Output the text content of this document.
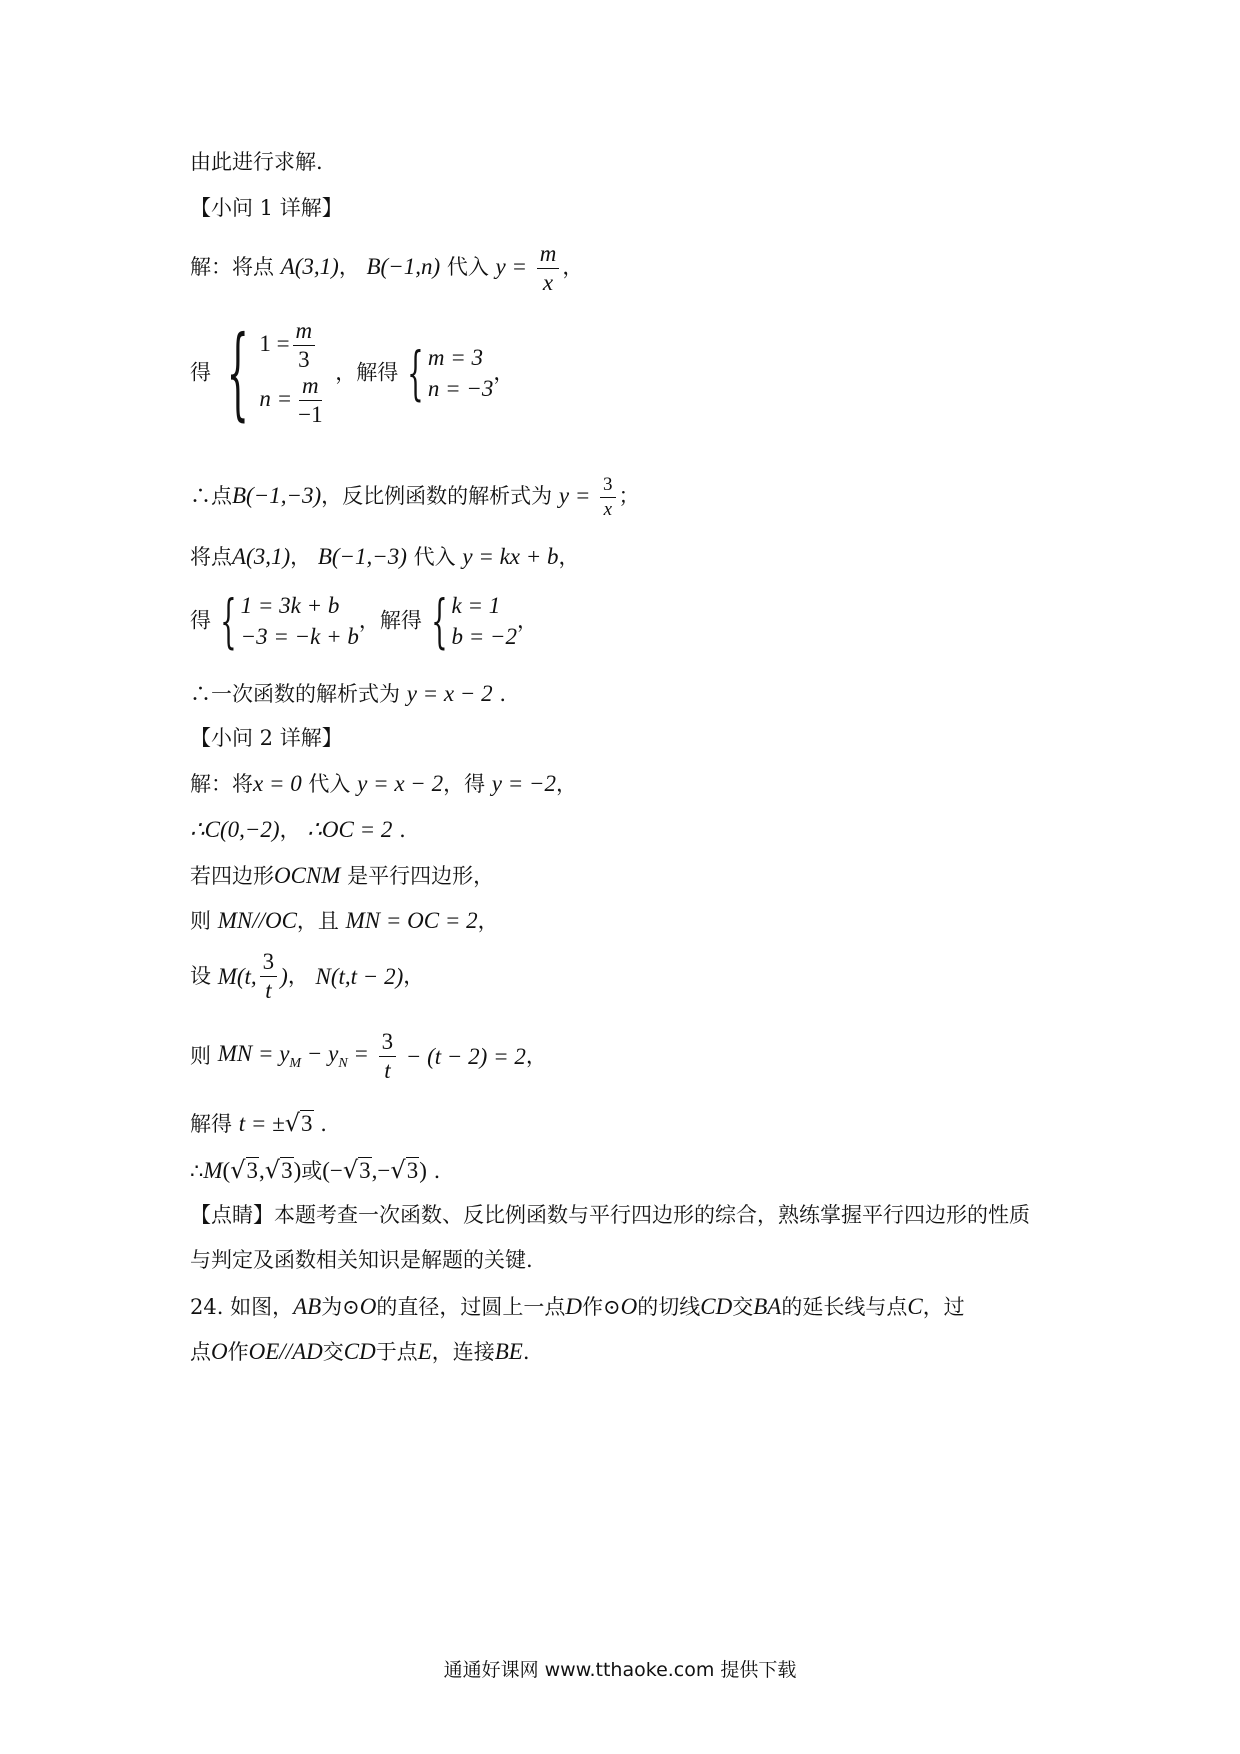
由此进行求解.
【小问 1 详解】
解：将点 A(3,1)， B(−1,n) 代入 $y = \frac{m}{x}$ ，
得 { $1 = \frac{m}{3}$
$n = \frac{m}{-1}$
，解得 { m = 3
n = −3
，
∴点B(−1,−3)，反比例函数的解析式为 $y = \frac{3}{x}$ ；
将点A(3,1)， B(−1,−3) 代入 y = kx + b，
得 { 1 = 3k + b
−3 = −k + b
，解得 { k = 1
b = −2
，
∴一次函数的解析式为 y = x − 2 .
【小问 2 详解】
解：将x = 0 代入 y = x − 2，得 y = −2，
∴C(0,−2)， ∴OC = 2 .
若四边形OCNM 是平行四边形，
则 MN//OC，且 MN = OC = 2，
设 M(t, $\frac{3}{t}$ )， N(t,t − 2)，
则 MN = $y_M - y_N = \frac{3}{t} - (t - 2) = 2$，
解得 t = ± √ 3 .
∴M( √ 3 , √ 3 )或(− √ 3 ,− √ 3 ) .
【点睛】本题考查一次函数、反比例函数与平行四边形的综合，熟练掌握平行四边形的性质
与判定及函数相关知识是解题的关键.
24. 如图，AB为⊙O的直径，过圆上一点D作⊙O的切线CD交BA的延长线与点C，过
点O作OE//AD交CD于点E，连接BE.
通通好课网 www.tthaoke.com 提供下载
